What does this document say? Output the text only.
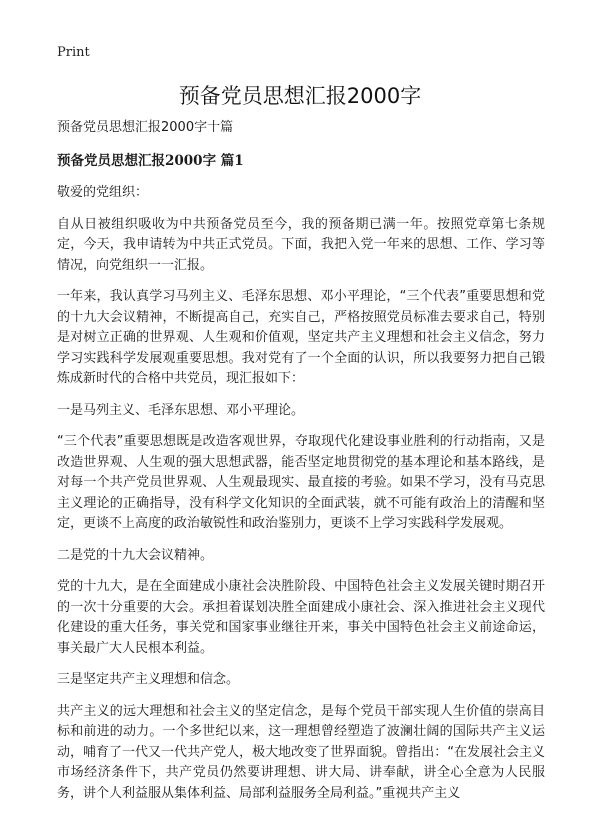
Print
预备党员思想汇报2000字

预备党员思想汇报2000字十篇

预备党员思想汇报2000字 篇1

敬爱的党组织：

自从日被组织吸收为中共预备党员至今，我的预备期已满一年。按照党章第七条规定，今天，我申请转为中共正式党员。下面，我把入党一年来的思想、工作、学习等情况，向党组织一一汇报。

一年来，我认真学习马列主义、毛泽东思想、邓小平理论，“三个代表”重要思想和党的十九大会议精神，不断提高自己，充实自己，严格按照党员标准去要求自己，特别是对树立正确的世界观、人生观和价值观，坚定共产主义理想和社会主义信念，努力学习实践科学发展观重要思想。我对党有了一个全面的认识，所以我要努力把自己锻炼成新时代的合格中共党员，现汇报如下：

一是马列主义、毛泽东思想、邓小平理论。

“三个代表”重要思想既是改造客观世界，夺取现代化建设事业胜利的行动指南，又是改造世界观、人生观的强大思想武器，能否坚定地贯彻党的基本理论和基本路线，是对每一个共产党员世界观、人生观最现实、最直接的考验。如果不学习，没有马克思主义理论的正确指导，没有科学文化知识的全面武装，就不可能有政治上的清醒和坚定，更谈不上高度的政治敏锐性和政治鉴别力，更谈不上学习实践科学发展观。

二是党的十九大会议精神。

党的十九大，是在全面建成小康社会决胜阶段、中国特色社会主义发展关键时期召开的一次十分重要的大会。承担着谋划决胜全面建成小康社会、深入推进社会主义现代化建设的重大任务，事关党和国家事业继往开来，事关中国特色社会主义前途命运，事关最广大人民根本利益。

三是坚定共产主义理想和信念。

共产主义的远大理想和社会主义的坚定信念，是每个党员干部实现人生价值的崇高目标和前进的动力。一个多世纪以来，这一理想曾经塑造了波澜壮阔的国际共产主义运动，哺育了一代又一代共产党人，极大地改变了世界面貌。曾指出：“在发展社会主义市场经济条件下，共产党员仍然要讲理想、讲大局、讲奉献，讲全心全意为人民服务，讲个人利益服从集体利益、局部利益服务全局利益。”重视共产主义
